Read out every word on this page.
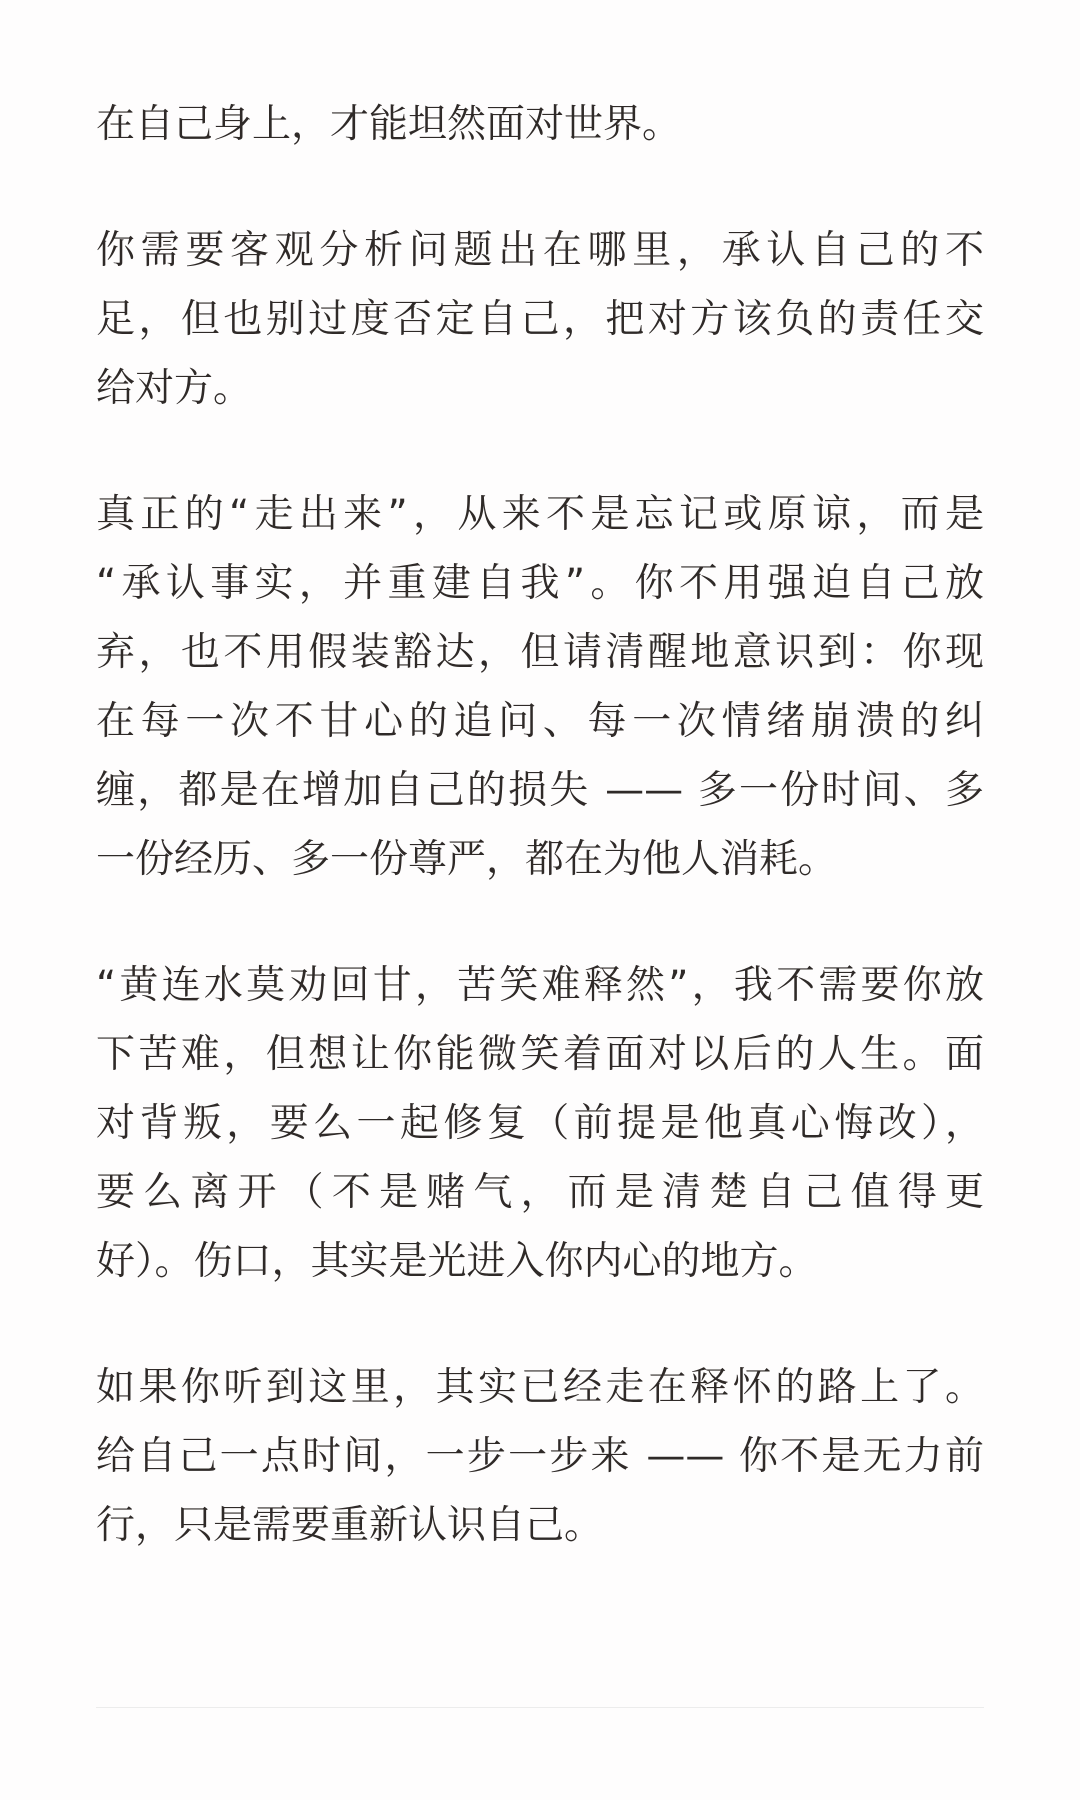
在自己身上，才能坦然面对世界。
你需要客观分析问题出在哪里，承认自己的不
足，但也别过度否定自己，把对方该负的责任交
给对方。
真正的“走出来”，从来不是忘记或原谅，而是
“承认事实，并重建自我”。你不用强迫自己放
弃，也不用假装豁达，但请清醒地意识到：你现
在每一次不甘心的追问、每一次情绪崩溃的纠
缠，都是在增加自己的损失 —— 多一份时间、多
一份经历、多一份尊严，都在为他人消耗。
“黄连水莫劝回甘，苦笑难释然”，我不需要你放
下苦难，但想让你能微笑着面对以后的人生。面
对背叛，要么一起修复（前提是他真心悔改），
要么离开（不是赌气，而是清楚自己值得更
好）。伤口，其实是光进入你内心的地方。
如果你听到这里，其实已经走在释怀的路上了。
给自己一点时间，一步一步来 —— 你不是无力前
行，只是需要重新认识自己。
